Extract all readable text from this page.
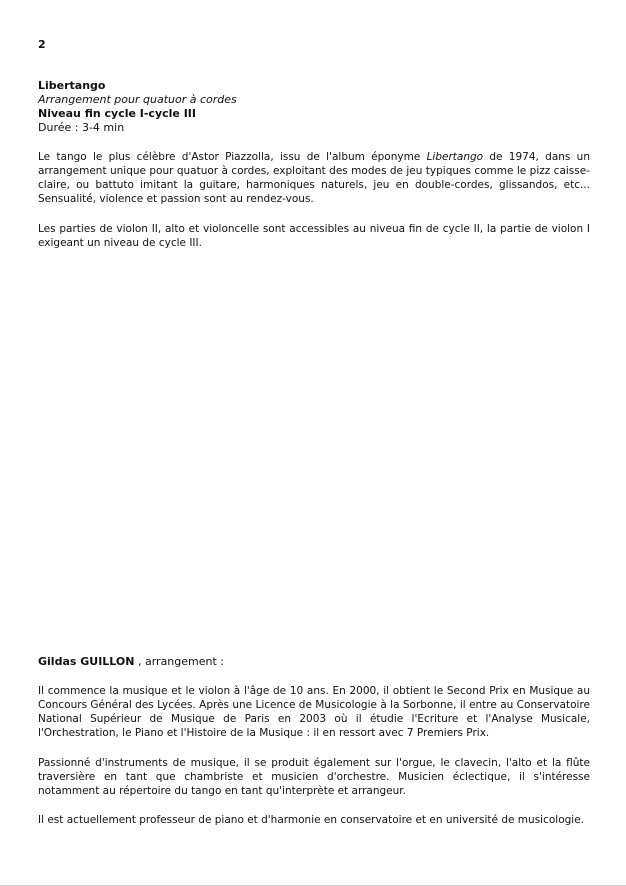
2
Libertango
Arrangement pour quatuor à cordes
Niveau fin cycle I-cycle III
Durée : 3-4 min

Le tango le plus célèbre d'Astor Piazzolla, issu de l'album éponyme Libertango de 1974, dans un arrangement unique pour quatuor à cordes, exploitant des modes de jeu typiques comme le pizz caisse-claire, ou battuto imitant la guitare, harmoniques naturels, jeu en double-cordes, glissandos, etc... Sensualité, violence et passion sont au rendez-vous.

Les parties de violon II, alto et violoncelle sont accessibles au niveua fin de cycle II, la partie de violon I exigeant un niveau de cycle III.

Gildas GUILLON , arrangement :

Il commence la musique et le violon à l'âge de 10 ans. En 2000, il obtient le Second Prix en Musique au Concours Général des Lycées. Après une Licence de Musicologie à la Sorbonne, il entre au Conservatoire National Supérieur de Musique de Paris en 2003 où il étudie l'Ecriture et l'Analyse Musicale, l'Orchestration, le Piano et l'Histoire de la Musique : il en ressort avec 7 Premiers Prix.

Passionné d'instruments de musique, il se produit également sur l'orgue, le clavecin, l'alto et la flûte traversière en tant que chambriste et musicien d'orchestre. Musicien éclectique, il s'intéresse notamment au répertoire du tango en tant qu'interprète et arrangeur.

Il est actuellement professeur de piano et d'harmonie en conservatoire et en université de musicologie.
